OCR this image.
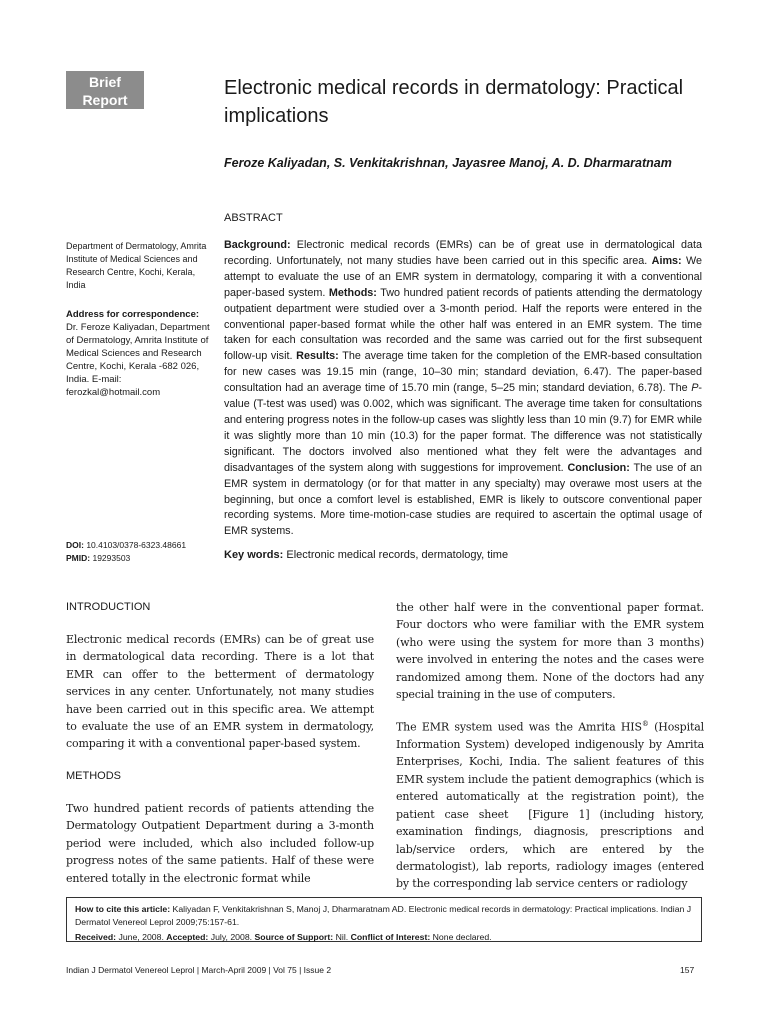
Brief
Report
Electronic medical records in dermatology: Practical implications
Feroze Kaliyadan, S. Venkitakrishnan, Jayasree Manoj, A. D. Dharmaratnam
ABSTRACT
Department of Dermatology, Amrita Institute of Medical Sciences and Research Centre, Kochi, Kerala, India
Address for correspondence:
Dr. Feroze Kaliyadan, Department of Dermatology, Amrita Institute of Medical Sciences and Research Centre, Kochi, Kerala -682 026, India. E-mail: ferozkal@hotmail.com
DOI: 10.4103/0378-6323.48661
PMID: 19293503

Background: Electronic medical records (EMRs) can be of great use in dermatological data recording. Unfortunately, not many studies have been carried out in this specific area. Aims: We attempt to evaluate the use of an EMR system in dermatology, comparing it with a conventional paper-based system. Methods: Two hundred patient records of patients attending the dermatology outpatient department were studied over a 3-month period. Half the reports were entered in the conventional paper-based format while the other half was entered in an EMR system. The time taken for each consultation was recorded and the same was carried out for the first subsequent follow-up visit. Results: The average time taken for the completion of the EMR-based consultation for new cases was 19.15 min (range, 10–30 min; standard deviation, 6.47). The paper-based consultation had an average time of 15.70 min (range, 5–25 min; standard deviation, 6.78). The P-value (T-test was used) was 0.002, which was significant. The average time taken for consultations and entering progress notes in the follow-up cases was slightly less than 10 min (9.7) for EMR while it was slightly more than 10 min (10.3) for the paper format. The difference was not statistically significant. The doctors involved also mentioned what they felt were the advantages and disadvantages of the system along with suggestions for improvement. Conclusion: The use of an EMR system in dermatology (or for that matter in any specialty) may overawe most users at the beginning, but once a comfort level is established, EMR is likely to outscore conventional paper recording systems. More time-motion-case studies are required to ascertain the optimal usage of EMR systems.

Key words: Electronic medical records, dermatology, time
INTRODUCTION

Electronic medical records (EMRs) can be of great use in dermatological data recording. There is a lot that EMR can offer to the betterment of dermatology services in any center. Unfortunately, not many studies have been carried out in this specific area. We attempt to evaluate the use of an EMR system in dermatology, comparing it with a conventional paper-based system.

METHODS

Two hundred patient records of patients attending the Dermatology Outpatient Department during a 3-month period were included, which also included follow-up progress notes of the same patients. Half of these were entered totally in the electronic format while

the other half were in the conventional paper format. Four doctors who were familiar with the EMR system (who were using the system for more than 3 months) were involved in entering the notes and the cases were randomized among them. None of the doctors had any special training in the use of computers.

The EMR system used was the Amrita HIS® (Hospital Information System) developed indigenously by Amrita Enterprises, Kochi, India. The salient features of this EMR system include the patient demographics (which is entered automatically at the registration point), the patient case sheet  [Figure 1] (including history, examination findings, diagnosis, prescriptions and lab/service orders, which are entered by the dermatologist), lab reports, radiology images (entered by the corresponding lab service centers or radiology

How to cite this article: Kaliyadan F, Venkitakrishnan S, Manoj J, Dharmaratnam AD. Electronic medical records in dermatology: Practical implications. Indian J Dermatol Venereol Leprol 2009;75:157-61.
Received: June, 2008. Accepted: July, 2008. Source of Support: Nil. Conflict of Interest: None declared.
Indian J Dermatol Venereol Leprol | March-April 2009 | Vol 75 | Issue 2	157
